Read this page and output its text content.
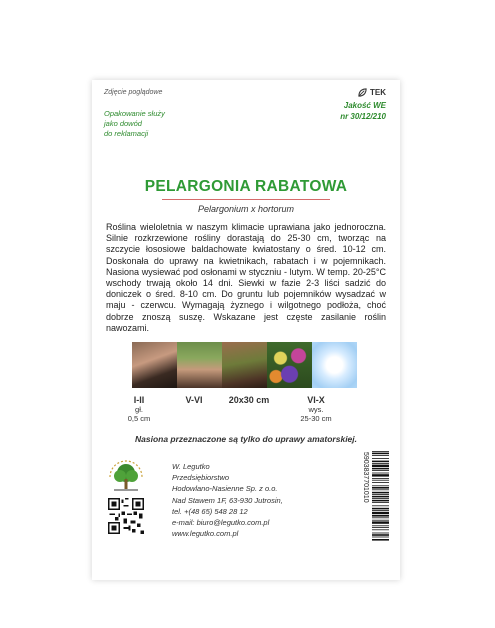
Zdjęcie poglądowe
Opakowanie służy
jako dowód
do reklamacji
TEK
Jakość WE
nr 30/12/210
PELARGONIA RABATOWA
Pelargonium x hortorum
Roślina wieloletnia w naszym klimacie uprawiana jako jednoroczna. Silnie rozkrzewione rośliny dorastają do 25-30 cm, tworząc na szczycie łososiowe baldachowate kwiatostany o śred. 10-12 cm. Doskonała do uprawy na kwietnikach, rabatach i w pojemnikach. Nasiona wysiewać pod osłonami w styczniu - lutym. W temp. 20-25°C wschody trwają około 14 dni. Siewki w fazie 2-3 liści sadzić do doniczek o śred. 8-10 cm. Do gruntu lub pojemników wysadzać w maju - czerwcu. Wymagają żyznego i wilgotnego podłoża, choć dobrze znoszą suszę. Wskazane jest częste zasilanie roślin nawozami.
I-II
gł.
0,5 cm
V-VI	20x30 cm	VI-X
wys.
25-30 cm
Nasiona przeznaczone są tylko do uprawy amatorskiej.
W. Legutko
Przedsiębiorstwo
Hodowlano-Nasienne Sp. z o.o.
Nad Stawem 1F, 63-930 Jutrosin,
tel. +(48 65) 548 28 12
e-mail: biuro@legutko.com.pl
www.legutko.com.pl
5903837701010
